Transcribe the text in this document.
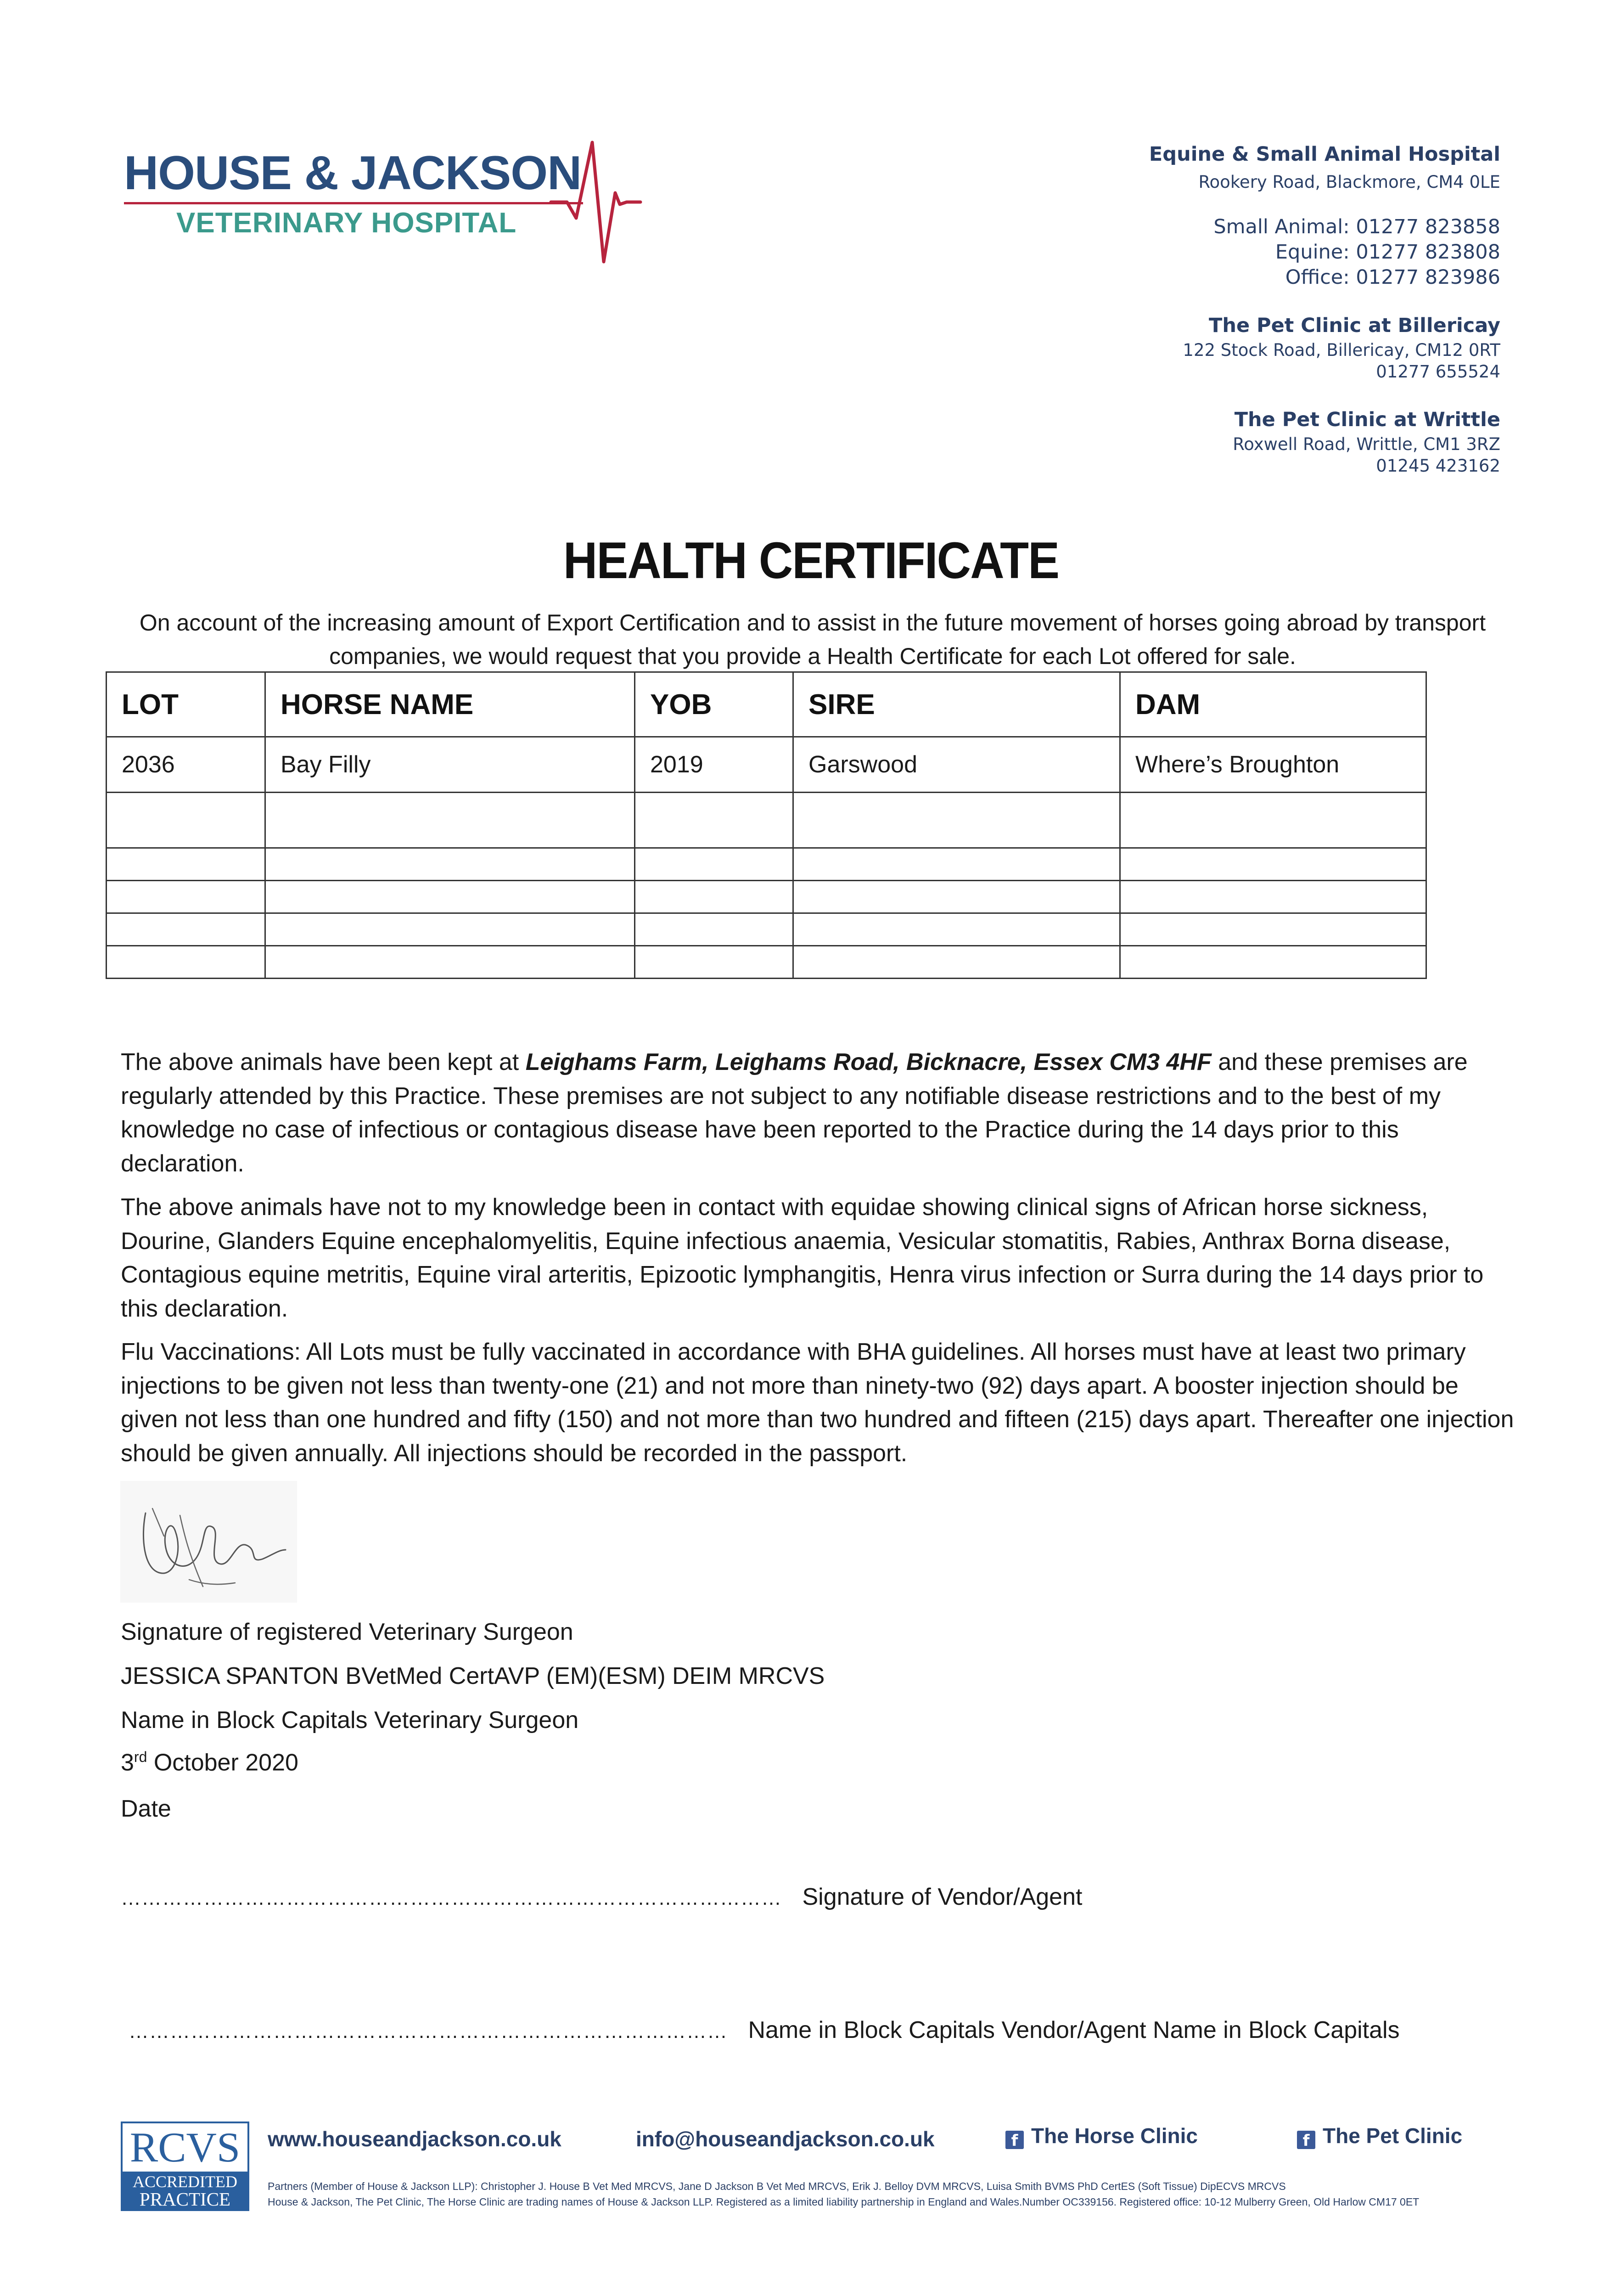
HOUSE & JACKSON
VETERINARY HOSPITAL
Equine & Small Animal Hospital
Rookery Road, Blackmore, CM4 0LE
Small Animal: 01277 823858
Equine: 01277 823808
Office: 01277 823986
The Pet Clinic at Billericay
122 Stock Road, Billericay, CM12 0RT
01277 655524
The Pet Clinic at Writtle
Roxwell Road, Writtle, CM1 3RZ
01245 423162
HEALTH CERTIFICATE
On account of the increasing amount of Export Certification and to assist in the future movement of horses going abroad by transport companies, we would request that you provide a Health Certificate for each Lot offered for sale.
LOT	HORSE NAME	YOB	SIRE	DAM
2036	Bay Filly	2019	Garswood	Where’s Broughton

The above animals have been kept at Leighams Farm, Leighams Road, Bicknacre, Essex CM3 4HF and these premises are regularly attended by this Practice. These premises are not subject to any notifiable disease restrictions and to the best of my knowledge no case of infectious or contagious disease have been reported to the Practice during the 14 days prior to this declaration.
The above animals have not to my knowledge been in contact with equidae showing clinical signs of African horse sickness, Dourine, Glanders Equine encephalomyelitis, Equine infectious anaemia, Vesicular stomatitis, Rabies, Anthrax Borna disease, Contagious equine metritis, Equine viral arteritis, Epizootic lymphangitis, Henra virus infection or Surra during the 14 days prior to this declaration.
Flu Vaccinations: All Lots must be fully vaccinated in accordance with BHA guidelines. All horses must have at least two primary injections to be given not less than twenty-one (21) and not more than ninety-two (92) days apart. A booster injection should be given not less than one hundred and fifty (150) and not more than two hundred and fifteen (215) days apart. Thereafter one injection should be given annually. All injections should be recorded in the passport.
Signature of registered Veterinary Surgeon
JESSICA SPANTON BVetMed CertAVP (EM)(ESM) DEIM MRCVS
Name in Block Capitals Veterinary Surgeon
3rd October 2020
Date
…………………………………………………………………………………… Signature of Vendor/Agent
…………………………………………………………………………… Name in Block Capitals Vendor/Agent Name in Block Capitals
RCVS
ACCREDITED
PRACTICE
www.houseandjackson.co.uk	info@houseandjackson.co.uk	f The Horse Clinic	f The Pet Clinic
Partners (Member of House & Jackson LLP): Christopher J. House B Vet Med MRCVS, Jane D Jackson B Vet Med MRCVS, Erik J. Belloy DVM MRCVS, Luisa Smith BVMS PhD CertES (Soft Tissue) DipECVS MRCVS
House & Jackson, The Pet Clinic, The Horse Clinic are trading names of House & Jackson LLP. Registered as a limited liability partnership in England and Wales.Number OC339156. Registered office: 10-12 Mulberry Green, Old Harlow CM17 0ET
